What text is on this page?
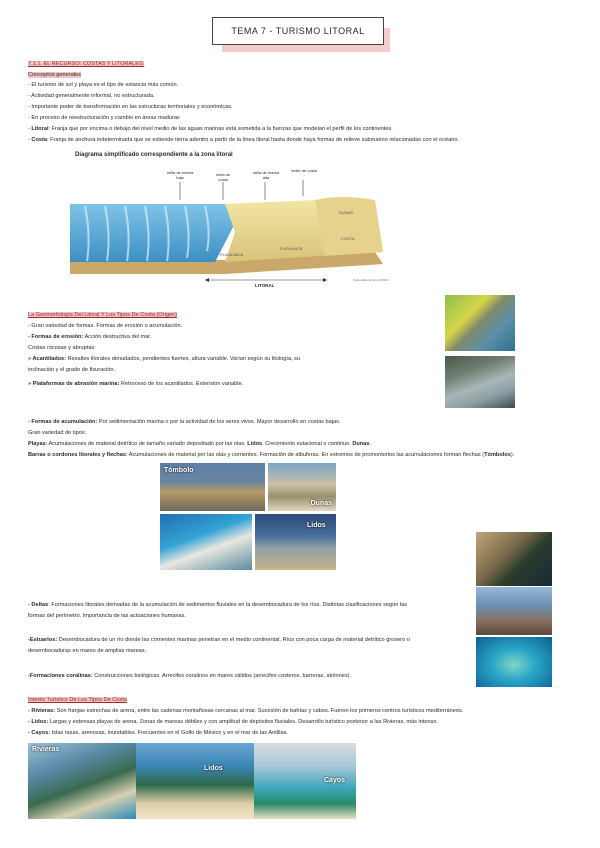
TEMA 7 - TURISMO LITORAL
7.1.1. EL RECURSO: COSTAS Y LITORALES:
Conceptos generales
- El turismo de sol y playa es el tipo de estancia más común.
- Actividad generalmente informal, no estructurada.
- Importante poder de transformación en las estructuras territoriales y económicas.
- En proceso de reestructuración y cambio en áreas maduras
- Litoral: Franja que por encima o debajo del nivel medio de las aguas marinas está sometida a la fuerzas que modelan el perfil de los continentes.
- Costa: Franja de anchura indeterminada que se extiende tierra adentro a partir de la línea litoral hasta donde haya formas de relieve submarino relacionadas con el océano.
Diagrama simplificado correspondiente a la zona litoral
orilla de marea baja
línea de costa
orilla de marea alta
límite de costa
DUNAS
COSTA
PLAYA ALTA
PLAYA BAJA
LITORAL
Todo sobre turismo ©2013
La Geomorfología Del Litoral Y Los Tipos De Costa (Origen)
- Gran variedad de formas. Formas de erosión o acumulación.
- Formas de erosión: Acción destructiva del mar.
Costas rocosas y abruptas:
» Acantilados: Resaltes litorales denudados, pendientes fuertes, altura variable. Varían según su litología, su
inclinación y el grado de fisuración.
» Plataformas de abrasión marina: Retroceso de los acantilados. Extensión variable.
- Formas de acumulación: Por sedimentación marina o por la actividad de los seres vivos. Mayor desarrollo en costas bajas.
Gran variedad de tipos:
Playas: Acumulaciones de material detrítico de tamaño variado depositado por las olas. Lidos. Crecimiento estacional o continuo. Dunas.
Barras o cordones litorales y flechas: Acumulaciones de material por las olas y corrientes. Formación de albuferas. En extremos de promontorios las acumulaciones forman flechas (Tómbolos).
Tómbolo
Dunas
Lidos
- Deltas: Formaciones litorales derivadas de la acumulación de sedimentos fluviales en la desembocadura de los ríos. Distintas clasificaciones según las
formas del perímetro. Importancia de las actuaciones humanas.
-Estuarios: Desembocadura de un río donde las corrientes marinas penetran en el medio continental. Ríos con poca carga de material detrítico grosero o
desembocaduras en mares de amplias mareas.
-Formaciones coralinas: Construcciones biológicas. Arrecifes coralinos en mares cálidos (arrecifes costeros, barreras, atolones).
Interés Turístico De Los Tipos De Costa
- Rivieras: Son franjas estrechas de arena, entre las cadenas montañosas cercanas al mar. Sucesión de bahías y cabos. Fueron los primeros centros turísticos mediterráneos.
- Lidos: Largas y extensas playas de arena. Zonas de mareas débiles y con amplitud de depósitos fluviales. Desarrollo turístico posterior a las Rivieras, más intenso.
- Cayos: Islas rasas, arenosas, inundables. Frecuentes en el Golfo de México y en el mar de las Antillas.
Rivieras
Lidos
Cayos
